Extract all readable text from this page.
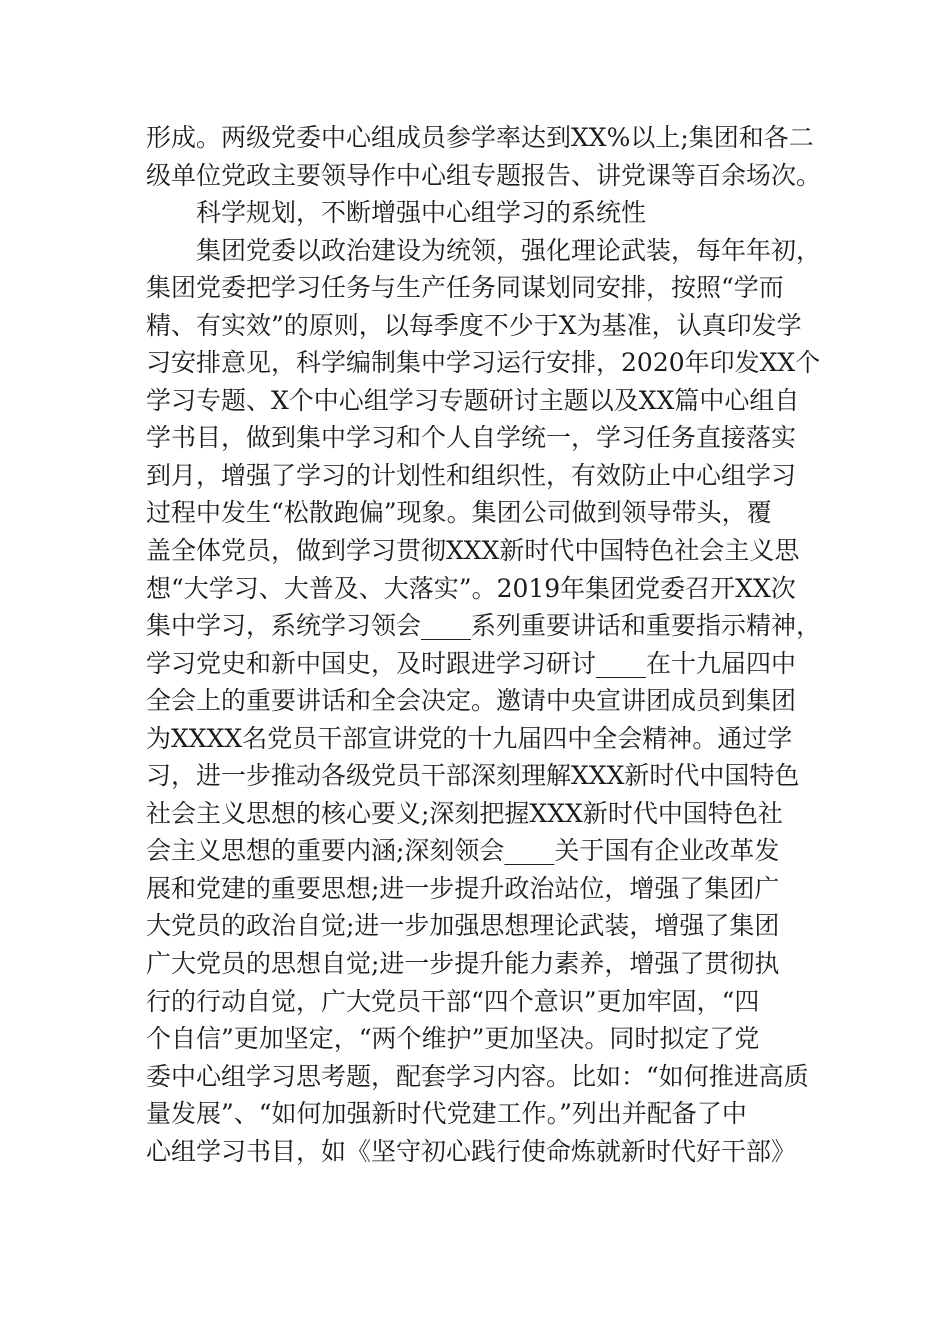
形成。两级党委中心组成员参学率达到XX%以上;集团和各二
级单位党政主要领导作中心组专题报告、讲党课等百余场次。
科学规划，不断增强中心组学习的系统性
集团党委以政治建设为统领，强化理论武装，每年年初，
集团党委把学习任务与生产任务同谋划同安排，按照“学而
精、有实效”的原则，以每季度不少于X为基准，认真印发学
习安排意见，科学编制集中学习运行安排，2020年印发XX个
学习专题、X个中心组学习专题研讨主题以及XX篇中心组自
学书目，做到集中学习和个人自学统一，学习任务直接落实
到月，增强了学习的计划性和组织性，有效防止中心组学习
过程中发生“松散跑偏”现象。集团公司做到领导带头，覆
盖全体党员，做到学习贯彻XXX新时代中国特色社会主义思
想“大学习、大普及、大落实”。2019年集团党委召开XX次
集中学习，系统学习领会____系列重要讲话和重要指示精神，
学习党史和新中国史，及时跟进学习研讨____在十九届四中
全会上的重要讲话和全会决定。邀请中央宣讲团成员到集团
为XXXX名党员干部宣讲党的十九届四中全会精神。通过学
习，进一步推动各级党员干部深刻理解XXX新时代中国特色
社会主义思想的核心要义;深刻把握XXX新时代中国特色社
会主义思想的重要内涵;深刻领会____关于国有企业改革发
展和党建的重要思想;进一步提升政治站位，增强了集团广
大党员的政治自觉;进一步加强思想理论武装，增强了集团
广大党员的思想自觉;进一步提升能力素养，增强了贯彻执
行的行动自觉，广大党员干部“四个意识”更加牢固，“四
个自信”更加坚定，“两个维护”更加坚决。同时拟定了党
委中心组学习思考题，配套学习内容。比如：“如何推进高质
量发展”、“如何加强新时代党建工作。”列出并配备了中
心组学习书目，如《坚守初心践行使命炼就新时代好干部》
